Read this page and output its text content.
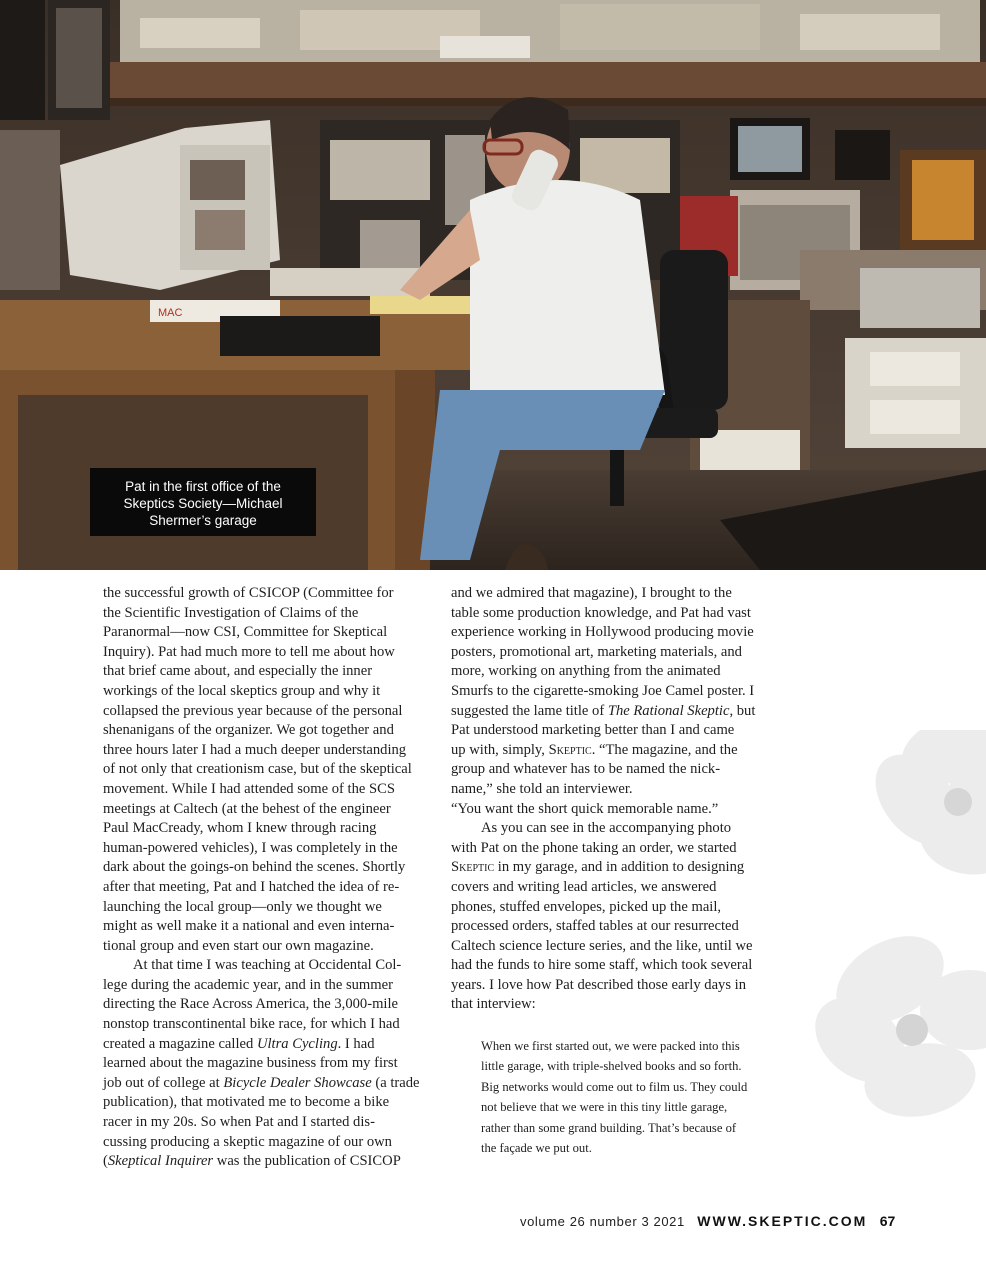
MAC
Pat in the first office of the
Skeptics Society—Michael
Shermer’s garage

the successful growth of CSICOP (Committee for
the Scientific Investigation of Claims of the
Paranormal—now CSI, Committee for Skeptical
Inquiry). Pat had much more to tell me about how
that brief came about, and especially the inner
workings of the local skeptics group and why it
collapsed the previous year because of the personal
shenanigans of the organizer. We got together and
three hours later I had a much deeper understanding
of not only that creationism case, but of the skeptical
movement. While I had attended some of the SCS
meetings at Caltech (at the behest of the engineer
Paul MacCready, whom I knew through racing
human-powered vehicles), I was completely in the
dark about the goings-on behind the scenes. Shortly
after that meeting, Pat and I hatched the idea of re-
launching the local group—only we thought we
might as well make it a national and even interna-
tional group and even start our own magazine.

At that time I was teaching at Occidental Col-
lege during the academic year, and in the summer
directing the Race Across America, the 3,000-mile
nonstop transcontinental bike race, for which I had
created a magazine called Ultra Cycling. I had
learned about the magazine business from my first
job out of college at Bicycle Dealer Showcase (a trade
publication), that motivated me to become a bike
racer in my 20s. So when Pat and I started dis-
cussing producing a skeptic magazine of our own
(Skeptical Inquirer was the publication of CSICOP

and we admired that magazine), I brought to the
table some production knowledge, and Pat had vast
experience working in Hollywood producing movie
posters, promotional art, marketing materials, and
more, working on anything from the animated
Smurfs to the cigarette-smoking Joe Camel poster. I
suggested the lame title of The Rational Skeptic, but
Pat understood marketing better than I and came
up with, simply, Skeptic. “The magazine, and the
group and whatever has to be named the nick-
name,” she told an interviewer.
“You want the short quick memorable name.”

As you can see in the accompanying photo
with Pat on the phone taking an order, we started
Skeptic in my garage, and in addition to designing
covers and writing lead articles, we answered
phones, stuffed envelopes, picked up the mail,
processed orders, staffed tables at our resurrected
Caltech science lecture series, and the like, until we
had the funds to hire some staff, which took several
years. I love how Pat described those early days in
that interview:

When we first started out, we were packed into this
little garage, with triple-shelved books and so forth.
Big networks would come out to film us. They could
not believe that we were in this tiny little garage,
rather than some grand building. That’s because of
the façade we put out.
volume 26 number 3 2021 WWW.SKEPTIC.COM 67
